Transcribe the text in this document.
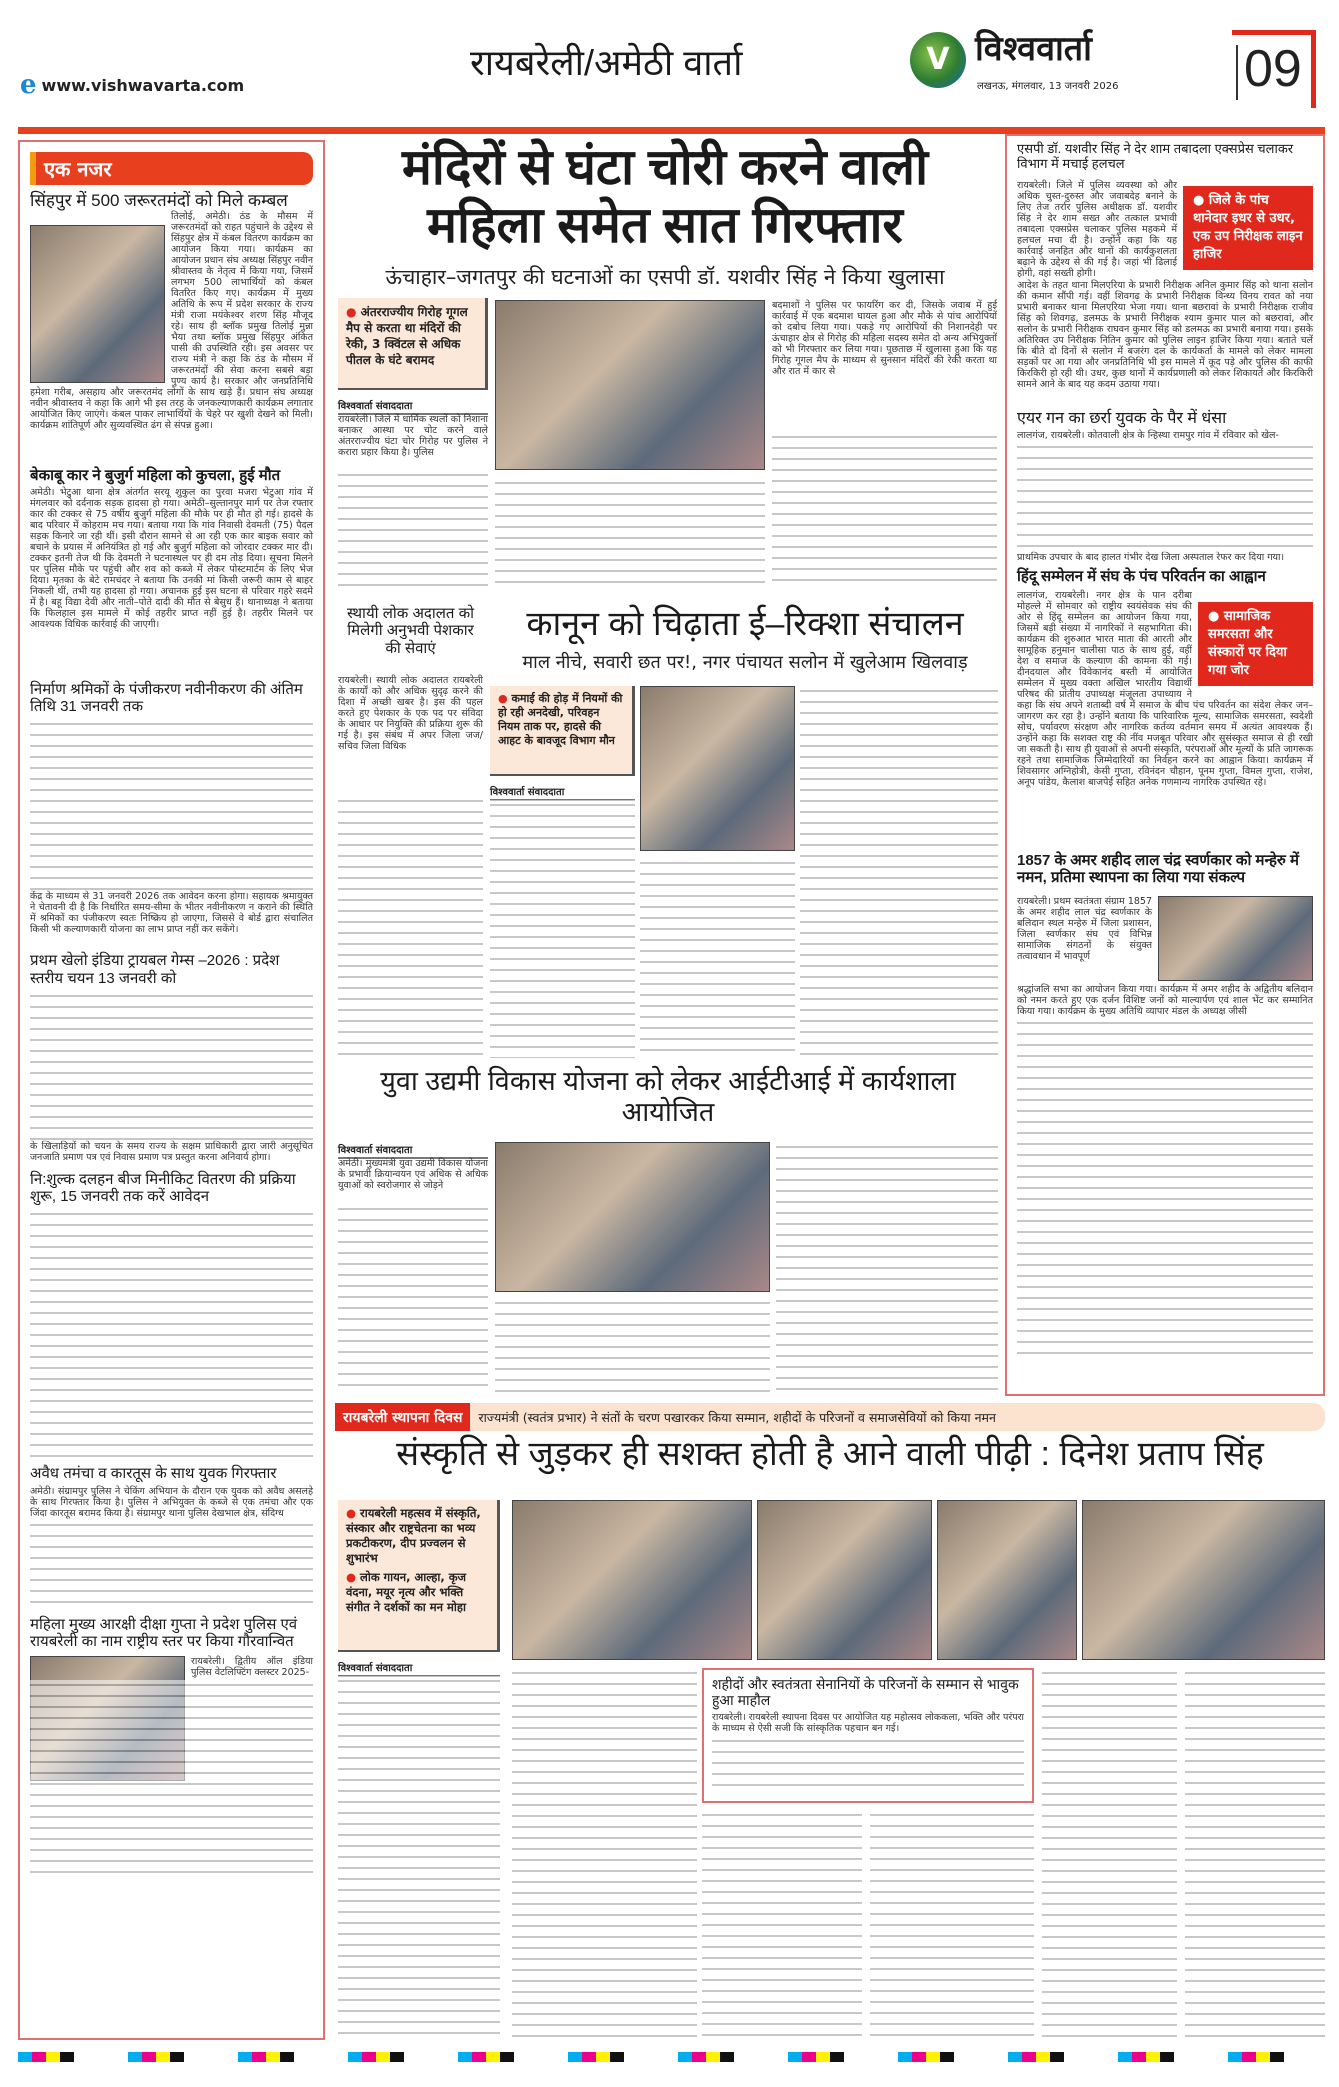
e www.vishwavarta.com
रायबरेली/अमेठी वार्ता	V विश्ववार्ता
लखनऊ, मंगलवार, 13 जनवरी 2026 09
एक नजर
सिंहपुर में 500 जरूरतमंदों को मिले कम्बल
तिलोई, अमेठी। ठंड के मौसम में जरूरतमंदों को राहत पहुंचाने के उद्देश्य से सिंहपुर क्षेत्र में कंबल वितरण कार्यक्रम का आयोजन किया गया। कार्यक्रम का आयोजन प्रधान संघ अध्यक्ष सिंहपुर नवीन श्रीवास्तव के नेतृत्व में किया गया, जिसमें लगभग 500 लाभार्थियों को कंबल वितरित किए गए। कार्यक्रम में मुख्य अतिथि के रूप में प्रदेश सरकार के राज्य मंत्री राजा मयंकेश्वर शरण सिंह मौजूद रहे। साथ ही ब्लॉक प्रमुख तिलोई मुन्ना भैया तथा ब्लॉक प्रमुख सिंहपुर अंकित पासी की उपस्थिति रही। इस अवसर पर राज्य मंत्री ने कहा कि ठंड के मौसम में जरूरतमंदों की सेवा करना सबसे बड़ा पुण्य कार्य है। सरकार और जनप्रतिनिधि हमेशा गरीब, असहाय और जरूरतमंद लोगों के साथ खड़े हैं। प्रधान संघ अध्यक्ष नवीन श्रीवास्तव ने कहा कि आगे भी इस तरह के जनकल्याणकारी कार्यक्रम लगातार आयोजित किए जाएंगे। कंबल पाकर लाभार्थियों के चेहरे पर खुशी देखने को मिली। कार्यक्रम शांतिपूर्ण और सुव्यवस्थित ढंग से संपन्न हुआ।
बेकाबू कार ने बुजुर्ग महिला को कुचला, हुई मौत
अमेठी। भेटुआ थाना क्षेत्र अंतर्गत सरयू शुकुल का पुरवा मजरा भेटुआ गांव में मंगलवार को दर्दनाक सड़क हादसा हो गया। अमेठी–सुल्तानपुर मार्ग पर तेज रफ्तार कार की टक्कर से 75 वर्षीय बुजुर्ग महिला की मौके पर ही मौत हो गई। हादसे के बाद परिवार में कोहराम मच गया। बताया गया कि गांव निवासी देवमती (75) पैदल सड़क किनारे जा रही थीं। इसी दौरान सामने से आ रही एक कार बाइक सवार को बचाने के प्रयास में अनियंत्रित हो गई और बुजुर्ग महिला को जोरदार टक्कर मार दी। टक्कर इतनी तेज थी कि देवमती ने घटनास्थल पर ही दम तोड़ दिया। सूचना मिलने पर पुलिस मौके पर पहुंची और शव को कब्जे में लेकर पोस्टमार्टम के लिए भेज दिया। मृतका के बेटे रामचंदर ने बताया कि उनकी मां किसी जरूरी काम से बाहर निकली थीं, तभी यह हादसा हो गया। अचानक हुई इस घटना से परिवार गहरे सदमे में है। बहू विद्या देवी और नाती–पोते दादी की मौत से बेसुध हैं। थानाध्यक्ष ने बताया कि फिलहाल इस मामले में कोई तहरीर प्राप्त नहीं हुई है। तहरीर मिलने पर आवश्यक विधिक कार्रवाई की जाएगी।
निर्माण श्रमिकों के पंजीकरण नवीनीकरण की अंतिम तिथि 31 जनवरी तक
केंद्र के माध्यम से 31 जनवरी 2026 तक आवेदन करना होगा। सहायक श्रमायुक्त ने चेतावनी दी है कि निर्धारित समय-सीमा के भीतर नवीनीकरण न कराने की स्थिति में श्रमिकों का पंजीकरण स्वतः निष्क्रिय हो जाएगा, जिससे वे बोर्ड द्वारा संचालित किसी भी कल्याणकारी योजना का लाभ प्राप्त नहीं कर सकेंगे।
प्रथम खेलो इंडिया ट्रायबल गेम्स –2026 : प्रदेश स्तरीय चयन 13 जनवरी को
के खिलाड़ियों को चयन के समय राज्य के सक्षम प्राधिकारी द्वारा जारी अनुसूचित जनजाति प्रमाण पत्र एवं निवास प्रमाण पत्र प्रस्तुत करना अनिवार्य होगा।
नि:शुल्क दलहन बीज मिनीकिट वितरण की प्रक्रिया शुरू, 15 जनवरी तक करें आवेदन
अवैध तमंचा व कारतूस के साथ युवक गिरफ्तार
अमेठी। संग्रामपुर पुलिस ने चेकिंग अभियान के दौरान एक युवक को अवैध असलहे के साथ गिरफ्तार किया है। पुलिस ने अभियुक्त के कब्जे से एक तमंचा और एक जिंदा कारतूस बरामद किया है। संग्रामपुर थाना पुलिस देखभाल क्षेत्र, संदिग्ध
महिला मुख्य आरक्षी दीक्षा गुप्ता ने प्रदेश पुलिस एवं रायबरेली का नाम राष्ट्रीय स्तर पर किया गौरवान्वित
रायबरेली। द्वितीय ऑल इंडिया पुलिस वेटलिफ्टिंग क्लस्टर 2025-
मंदिरों से घंटा चोरी करने वाली महिला समेत सात गिरफ्तार
ऊंचाहार–जगतपुर की घटनाओं का एसपी डॉ. यशवीर सिंह ने किया खुलासा

● अंतरराज्यीय गिरोह गूगल मैप से करता था मंदिरों की रेकी, 3 क्विंटल से अधिक पीतल के घंटे बरामद

विश्ववार्ता संवाददाता
रायबरेली। जिले में धार्मिक स्थलों को निशाना बनाकर आस्था पर चोट करने वाले अंतरराज्यीय घंटा चोर गिरोह पर पुलिस ने करारा प्रहार किया है। पुलिस
बदमाशों ने पुलिस पर फायरिंग कर दी, जिसके जवाब में हुई कार्रवाई में एक बदमाश घायल हुआ और मौके से पांच आरोपियों को दबोच लिया गया। पकड़े गए आरोपियों की निशानदेही पर ऊंचाहार क्षेत्र से गिरोह की महिला सदस्य समेत दो अन्य अभियुक्तों को भी गिरफ्तार कर लिया गया। पूछताछ में खुलासा हुआ कि यह गिरोह गूगल मैप के माध्यम से सुनसान मंदिरों की रेकी करता था और रात में कार से
स्थायी लोक अदालत को मिलेगी अनुभवी पेशकार की सेवाएं
रायबरेली। स्थायी लोक अदालत रायबरेली के कार्यों को और अधिक सुदृढ़ करने की दिशा में अच्छी खबर है। इस की पहल करते हुए पेशकार के एक पद पर संविदा के आधार पर नियुक्ति की प्रक्रिया शुरू की गई है। इस संबंध में अपर जिला जज/सचिव जिला विधिक
कानून को चिढ़ाता ई–रिक्शा संचालन
माल नीचे, सवारी छत पर!, नगर पंचायत सलोन में खुलेआम खिलवाड़

● कमाई की होड़ में नियमों की हो रही अनदेखी, परिवहन नियम ताक पर, हादसे की आहट के बावजूद विभाग मौन

विश्ववार्ता संवाददाता
युवा उद्यमी विकास योजना को लेकर आईटीआई में कार्यशाला आयोजित
विश्ववार्ता संवाददाता
अमेठी। मुख्यमंत्री युवा उद्यमी विकास योजना के प्रभावी क्रियान्वयन एवं अधिक से अधिक युवाओं को स्वरोजगार से जोड़ने
एसपी डॉ. यशवीर सिंह ने देर शाम तबादला एक्सप्रेस चलाकर विभाग में मचाई हलचल
● जिले के पांच थानेदार इधर से उधर, एक उप निरीक्षक लाइन हाजिर
रायबरेली। जिले में पुलिस व्यवस्था को और अधिक चुस्त-दुरुस्त और जवाबदेह बनाने के लिए तेज तर्रार पुलिस अधीक्षक डॉ. यशवीर सिंह ने देर शाम सख्त और तत्काल प्रभावी तबादला एक्सप्रेस चलाकर पुलिस महकमे में हलचल मचा दी है। उन्होंने कहा कि यह कार्रवाई जनहित और थानों की कार्यकुशलता बढ़ाने के उद्देश्य से की गई है। जहां भी ढिलाई होगी, वहां सख्ती होगी।
आदेश के तहत थाना मिलएरिया के प्रभारी निरीक्षक अनिल कुमार सिंह को थाना सलोन की कमान सौंपी गई। वहीं शिवगढ़ के प्रभारी निरीक्षक विन्ध्य विनय रावत को नया प्रभारी बनाकर थाना मिलएरिया भेजा गया। थाना बछरावां के प्रभारी निरीक्षक राजीव सिंह को शिवगढ़, डलमऊ के प्रभारी निरीक्षक श्याम कुमार पाल को बछरावां, और सलोन के प्रभारी निरीक्षक राघवन कुमार सिंह को डलमऊ का प्रभारी बनाया गया। इसके अतिरिक्त उप निरीक्षक नितिन कुमार को पुलिस लाइन हाजिर किया गया। बताते चलें कि बीते दो दिनों से सलोन में बजरंग दल के कार्यकर्ता के मामले को लेकर मामला सड़कों पर आ गया और जनप्रतिनिधि भी इस मामले में कूद पड़े और पुलिस की काफी किरकिरी हो रही थी। उधर, कुछ थानों में कार्यप्रणाली को लेकर शिकायतें और किरकिरी सामने आने के बाद यह कदम उठाया गया।
एयर गन का छर्रा युवक के पैर में धंसा
लालगंज, रायबरेली। कोतवाली क्षेत्र के न्हिस्था रामपुर गांव में रविवार को खेल-
प्राथमिक उपचार के बाद हालत गंभीर देख जिला अस्पताल रेफर कर दिया गया।
हिंदू सम्मेलन में संघ के पंच परिवर्तन का आह्वान
● सामाजिक समरसता और संस्कारों पर दिया गया जोर
लालगंज, रायबरेली। नगर क्षेत्र के पान दरीबा मोहल्ले में सोमवार को राष्ट्रीय स्वयंसेवक संघ की ओर से हिंदू सम्मेलन का आयोजन किया गया, जिसमें बड़ी संख्या में नागरिकों ने सहभागिता की। कार्यक्रम की शुरुआत भारत माता की आरती और सामूहिक हनुमान चालीसा पाठ के साथ हुई, वहीं देश व समाज के कल्याण की कामना की गई। दीनदयाल और विवेकानंद बस्ती में आयोजित सम्मेलन में मुख्य वक्ता अखिल भारतीय विद्यार्थी परिषद की प्रांतीय उपाध्यक्ष मंजूलता उपाध्याय ने कहा कि संघ अपने शताब्दी वर्ष में समाज के बीच पंच परिवर्तन का संदेश लेकर जन–जागरण कर रहा है। उन्होंने बताया कि पारिवारिक मूल्य, सामाजिक समरसता, स्वदेशी सोच, पर्यावरण संरक्षण और नागरिक कर्तव्य वर्तमान समय में अत्यंत आवश्यक हैं। उन्होंने कहा कि सशक्त राष्ट्र की नींव मजबूत परिवार और सुसंस्कृत समाज से ही रखी जा सकती है। साथ ही युवाओं से अपनी संस्कृति, परंपराओं और मूल्यों के प्रति जागरूक रहने तथा सामाजिक जिम्मेदारियों का निर्वहन करने का आह्वान किया। कार्यक्रम में शिवसागर अग्निहोत्री, केसी गुप्ता, रविनंदन चौहान, पूनम गुप्ता, विमल गुप्ता, राजेश, अनूप पांडेय, कैलाश बाजपेई सहित अनेक गणमान्य नागरिक उपस्थित रहे।
1857 के अमर शहीद लाल चंद्र स्वर्णकार को मन्हेरु में नमन, प्रतिमा स्थापना का लिया गया संकल्प
रायबरेली। प्रथम स्वतंत्रता संग्राम 1857 के अमर शहीद लाल चंद्र स्वर्णकार के बलिदान स्थल मन्हेरु में जिला प्रशासन, जिला स्वर्णकार संघ एवं विभिन्न सामाजिक संगठनों के संयुक्त तत्वावधान में भावपूर्ण
श्रद्धांजलि सभा का आयोजन किया गया। कार्यक्रम में अमर शहीद के अद्वितीय बलिदान को नमन करते हुए एक दर्जन विशिष्ट जनों को माल्यार्पण एवं शाल भेंट कर सम्मानित किया गया। कार्यक्रम के मुख्य अतिथि व्यापार मंडल के अध्यक्ष जीसी
रायबरेली स्थापना दिवस	राज्यमंत्री (स्वतंत्र प्रभार) ने संतों के चरण पखारकर किया सम्मान, शहीदों के परिजनों व समाजसेवियों को किया नमन
संस्कृति से जुड़कर ही सशक्त होती है आने वाली पीढ़ी : दिनेश प्रताप सिंह

● रायबरेली महत्सव में संस्कृति, संस्कार और राष्ट्रचेतना का भव्य प्रकटीकरण, दीप प्रज्वलन से शुभारंभ

● लोक गायन, आल्हा, कृज वंदना, मयूर नृत्य और भक्ति संगीत ने दर्शकों का मन मोहा

विश्ववार्ता संवाददाता
शहीदों और स्वतंत्रता सेनानियों के परिजनों के सम्मान से भावुक हुआ माहौल
रायबरेली। रायबरेली स्थापना दिवस पर आयोजित यह महोत्सव लोककला, भक्ति और परंपरा के माध्यम से ऐसी सजी कि सांस्कृतिक पहचान बन गई।
